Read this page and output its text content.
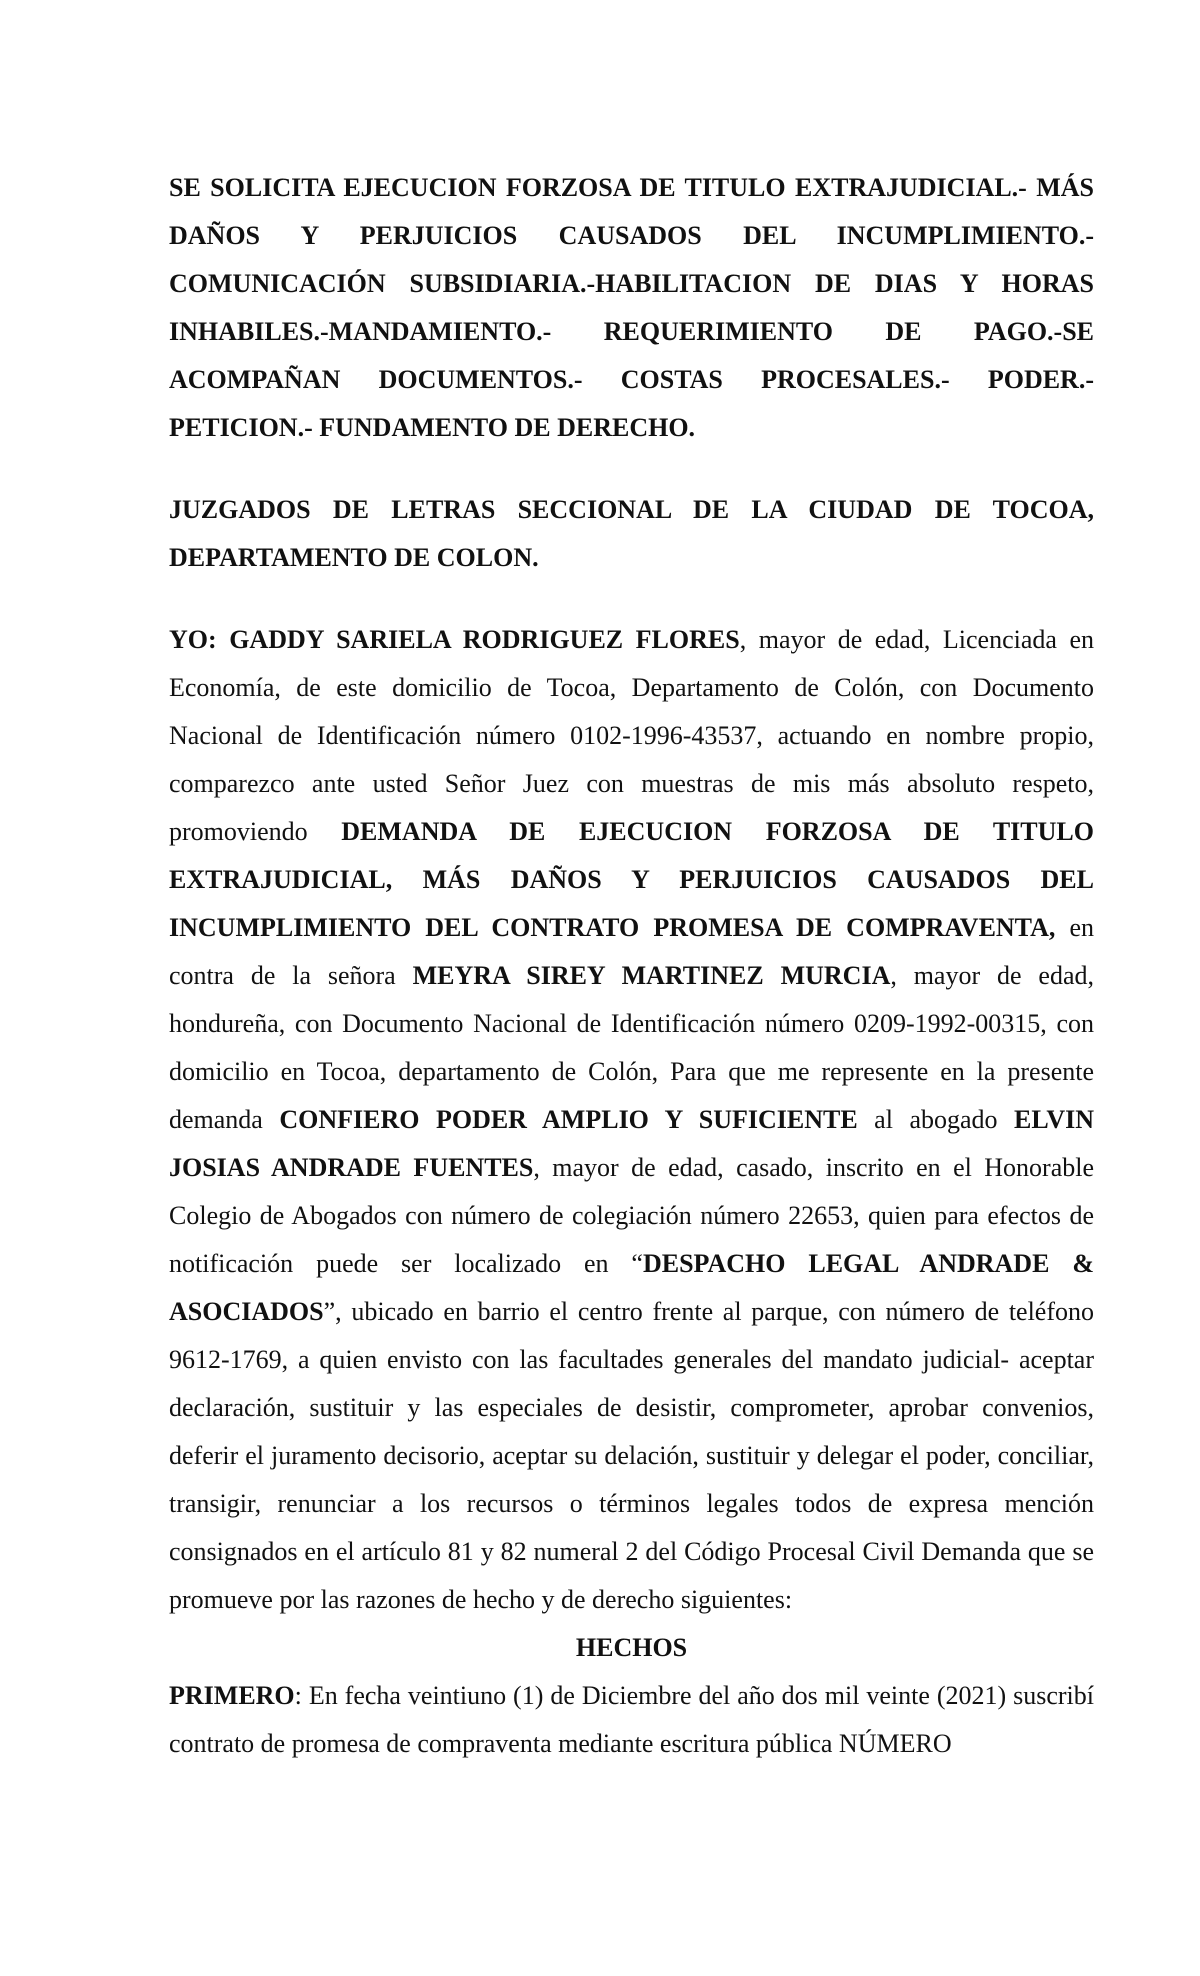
SE SOLICITA EJECUCION FORZOSA DE TITULO EXTRAJUDICIAL.- MÁS DAÑOS Y PERJUICIOS CAUSADOS DEL INCUMPLIMIENTO.- COMUNICACIÓN SUBSIDIARIA.-HABILITACION DE DIAS Y HORAS INHABILES.-MANDAMIENTO.- REQUERIMIENTO DE PAGO.-SE ACOMPAÑAN DOCUMENTOS.- COSTAS PROCESALES.- PODER.- PETICION.- FUNDAMENTO DE DERECHO.

JUZGADOS DE LETRAS SECCIONAL DE LA CIUDAD DE TOCOA, DEPARTAMENTO DE COLON.

YO: GADDY SARIELA RODRIGUEZ FLORES, mayor de edad, Licenciada en Economía, de este domicilio de Tocoa, Departamento de Colón, con Documento Nacional de Identificación número 0102-1996-43537, actuando en nombre propio, comparezco ante usted Señor Juez con muestras de mis más absoluto respeto, promoviendo DEMANDA DE EJECUCION FORZOSA DE TITULO EXTRAJUDICIAL, MÁS DAÑOS Y PERJUICIOS CAUSADOS DEL INCUMPLIMIENTO DEL CONTRATO PROMESA DE COMPRAVENTA, en contra de la señora MEYRA SIREY MARTINEZ MURCIA, mayor de edad, hondureña, con Documento Nacional de Identificación número 0209-1992-00315, con domicilio en Tocoa, departamento de Colón, Para que me represente en la presente demanda CONFIERO PODER AMPLIO Y SUFICIENTE al abogado ELVIN JOSIAS ANDRADE FUENTES, mayor de edad, casado, inscrito en el Honorable Colegio de Abogados con número de colegiación número 22653, quien para efectos de notificación puede ser localizado en “DESPACHO LEGAL ANDRADE & ASOCIADOS”, ubicado en barrio el centro frente al parque, con número de teléfono 9612-1769, a quien envisto con las facultades generales del mandato judicial- aceptar declaración, sustituir y las especiales de desistir, comprometer, aprobar convenios, deferir el juramento decisorio, aceptar su delación, sustituir y delegar el poder, conciliar, transigir, renunciar a los recursos o términos legales todos de expresa mención consignados en el artículo 81 y 82 numeral 2 del Código Procesal Civil Demanda que se promueve por las razones de hecho y de derecho siguientes:

HECHOS

PRIMERO: En fecha veintiuno (1) de Diciembre del año dos mil veinte (2021) suscribí contrato de promesa de compraventa mediante escritura pública NÚMERO
